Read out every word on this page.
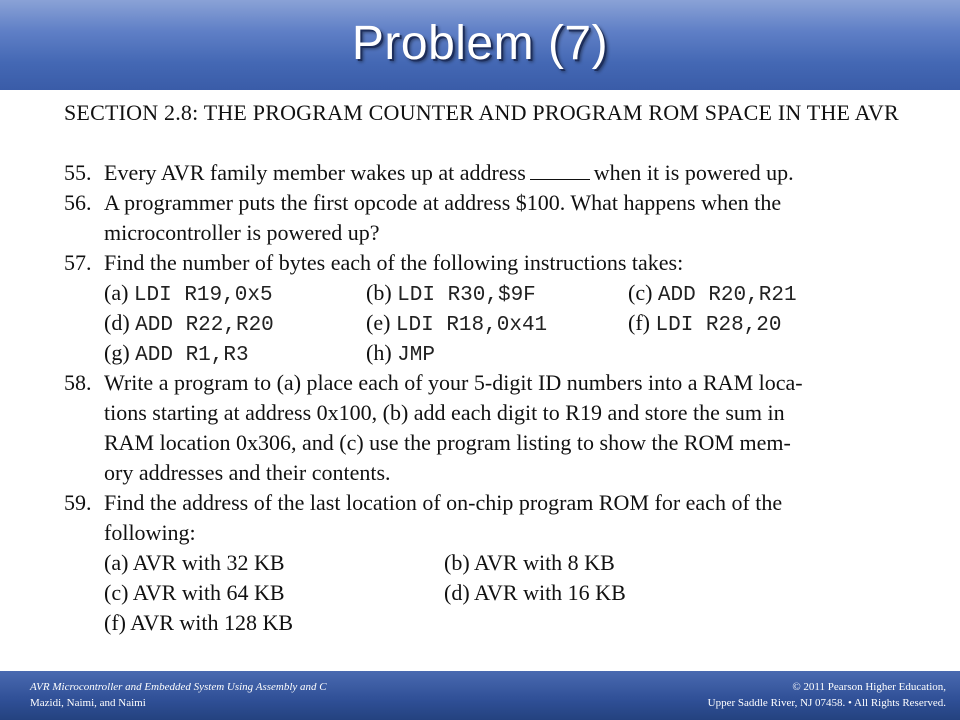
Problem (7)
SECTION 2.8: THE PROGRAM COUNTER AND PROGRAM ROM SPACE IN THE AVR
55. Every AVR family member wakes up at address	when it is powered up.
56. A programmer puts the first opcode at address $100. What happens when the microcontroller is powered up?
57. Find the number of bytes each of the following instructions takes:
(a) LDI R19,0x5	(b) LDI R30,$9F	(c) ADD R20,R21
(d) ADD R22,R20	(e) LDI R18,0x41	(f) LDI R28,20
(g) ADD R1,R3	(h) JMP
58. Write a program to (a) place each of your 5-digit ID numbers into a RAM loca-
tions starting at address 0x100, (b) add each digit to R19 and store the sum in
RAM location 0x306, and (c) use the program listing to show the ROM mem-
ory addresses and their contents.
59. Find the address of the last location of on-chip program ROM for each of the
following:
(a) AVR with 32 KB	(b) AVR with 8 KB
(c) AVR with 64 KB	(d) AVR with 16 KB
(f) AVR with 128 KB
AVR Microcontroller and Embedded System Using Assembly and C
Mazidi, Naimi, and Naimi
© 2011 Pearson Higher Education,
Upper Saddle River, NJ 07458. • All Rights Reserved.
